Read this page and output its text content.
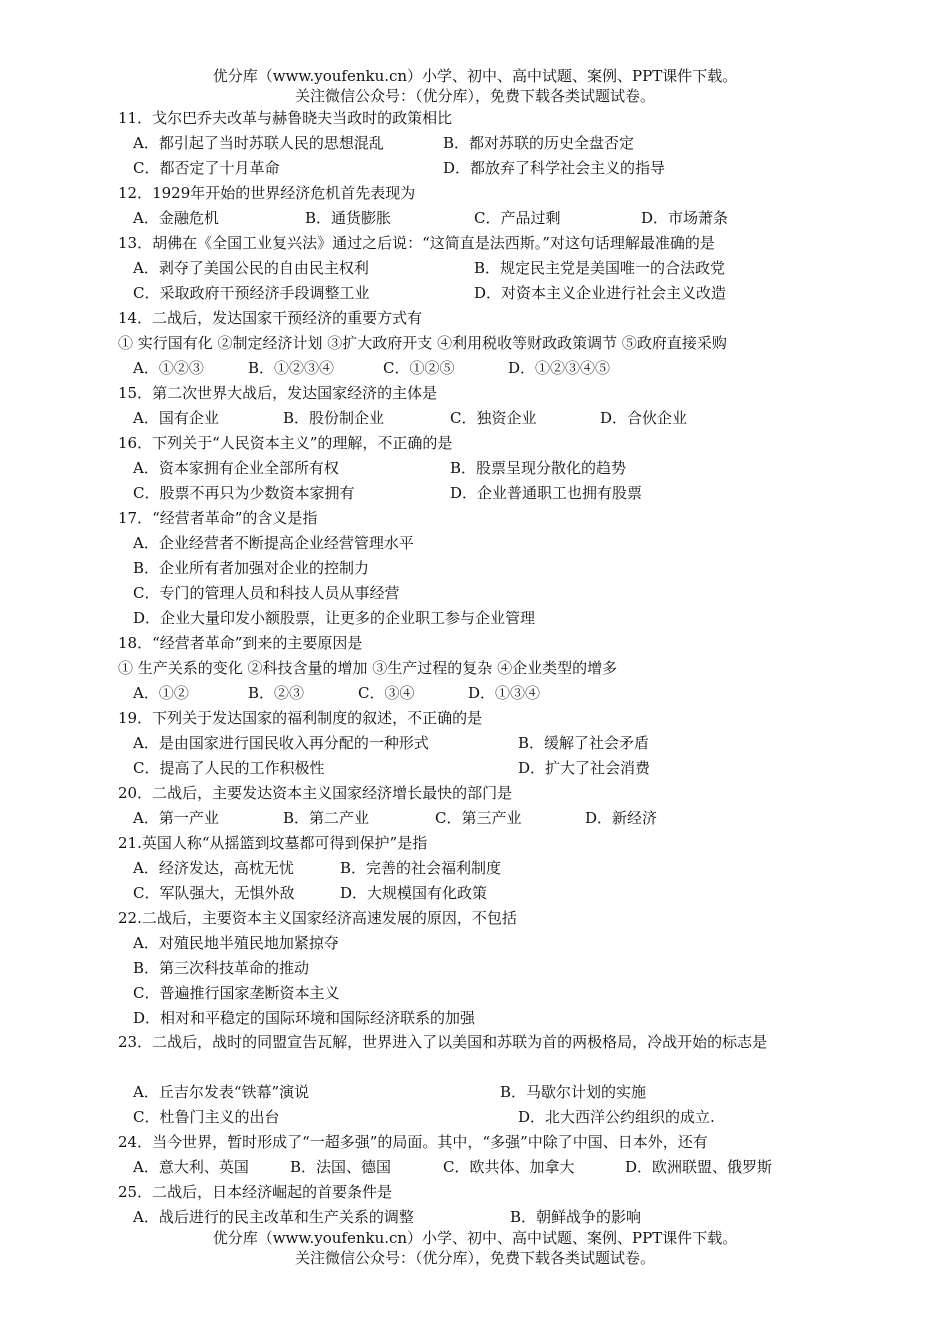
优分库（www.youfenku.cn）小学、初中、高中试题、案例、PPT课件下载。
关注微信公众号：（优分库），免费下载各类试题试卷。
11．戈尔巴乔夫改革与赫鲁晓夫当政时的政策相比
A．都引起了当时苏联人民的思想混乱	B．都对苏联的历史全盘否定
C．都否定了十月革命	D．都放弃了科学社会主义的指导
12．1929年开始的世界经济危机首先表现为
A．金融危机	B．通货膨胀	C．产品过剩	D．市场萧条
13．胡佛在《全国工业复兴法》通过之后说：“这简直是法西斯。”对这句话理解最准确的是
A．剥夺了美国公民的自由民主权利	B．规定民主党是美国唯一的合法政党
C．采取政府干预经济手段调整工业	D．对资本主义企业进行社会主义改造
14．二战后，发达国家干预经济的重要方式有
① 实行国有化 ②制定经济计划 ③扩大政府开支 ④利用税收等财政政策调节 ⑤政府直接采购
A．①②③	B．①②③④	C．①②⑤	D．①②③④⑤
15．第二次世界大战后，发达国家经济的主体是
A．国有企业	B．股份制企业	C．独资企业	D．合伙企业
16．下列关于“人民资本主义”的理解，不正确的是
A．资本家拥有企业全部所有权	B．股票呈现分散化的趋势
C．股票不再只为少数资本家拥有	D．企业普通职工也拥有股票
17．“经营者革命”的含义是指
A．企业经营者不断提高企业经营管理水平
B．企业所有者加强对企业的控制力
C．专门的管理人员和科技人员从事经营
D．企业大量印发小额股票，让更多的企业职工参与企业管理
18．“经营者革命”到来的主要原因是
① 生产关系的变化 ②科技含量的增加 ③生产过程的复杂 ④企业类型的增多
A．①②	B．②③	C．③④	D．①③④
19．下列关于发达国家的福利制度的叙述，不正确的是
A．是由国家进行国民收入再分配的一种形式	B．缓解了社会矛盾
C．提高了人民的工作积极性	D．扩大了社会消费
20．二战后，主要发达资本主义国家经济增长最快的部门是
A．第一产业	B．第二产业	C．第三产业	D．新经济
21.英国人称“从摇篮到坟墓都可得到保护”是指
A．经济发达，高枕无忧	B．完善的社会福利制度
C．军队强大，无惧外敌	D．大规模国有化政策
22.二战后，主要资本主义国家经济高速发展的原因，不包括
A．对殖民地半殖民地加紧掠夺
B．第三次科技革命的推动
C．普遍推行国家垄断资本主义
D．相对和平稳定的国际环境和国际经济联系的加强
23．二战后，战时的同盟宣告瓦解，世界进入了以美国和苏联为首的两极格局，冷战开始的标志是
A．丘吉尔发表“铁幕”演说	B．马歇尔计划的实施
C．杜鲁门主义的出台	D．北大西洋公约组织的成立.
24．当今世界，暂时形成了“一超多强”的局面。其中，“多强”中除了中国、日本外，还有
A．意大利、英国	B．法国、德国	C．欧共体、加拿大	D．欧洲联盟、俄罗斯
25．二战后，日本经济崛起的首要条件是
A．战后进行的民主改革和生产关系的调整	B．朝鲜战争的影响
优分库（www.youfenku.cn）小学、初中、高中试题、案例、PPT课件下载。
关注微信公众号：（优分库），免费下载各类试题试卷。
